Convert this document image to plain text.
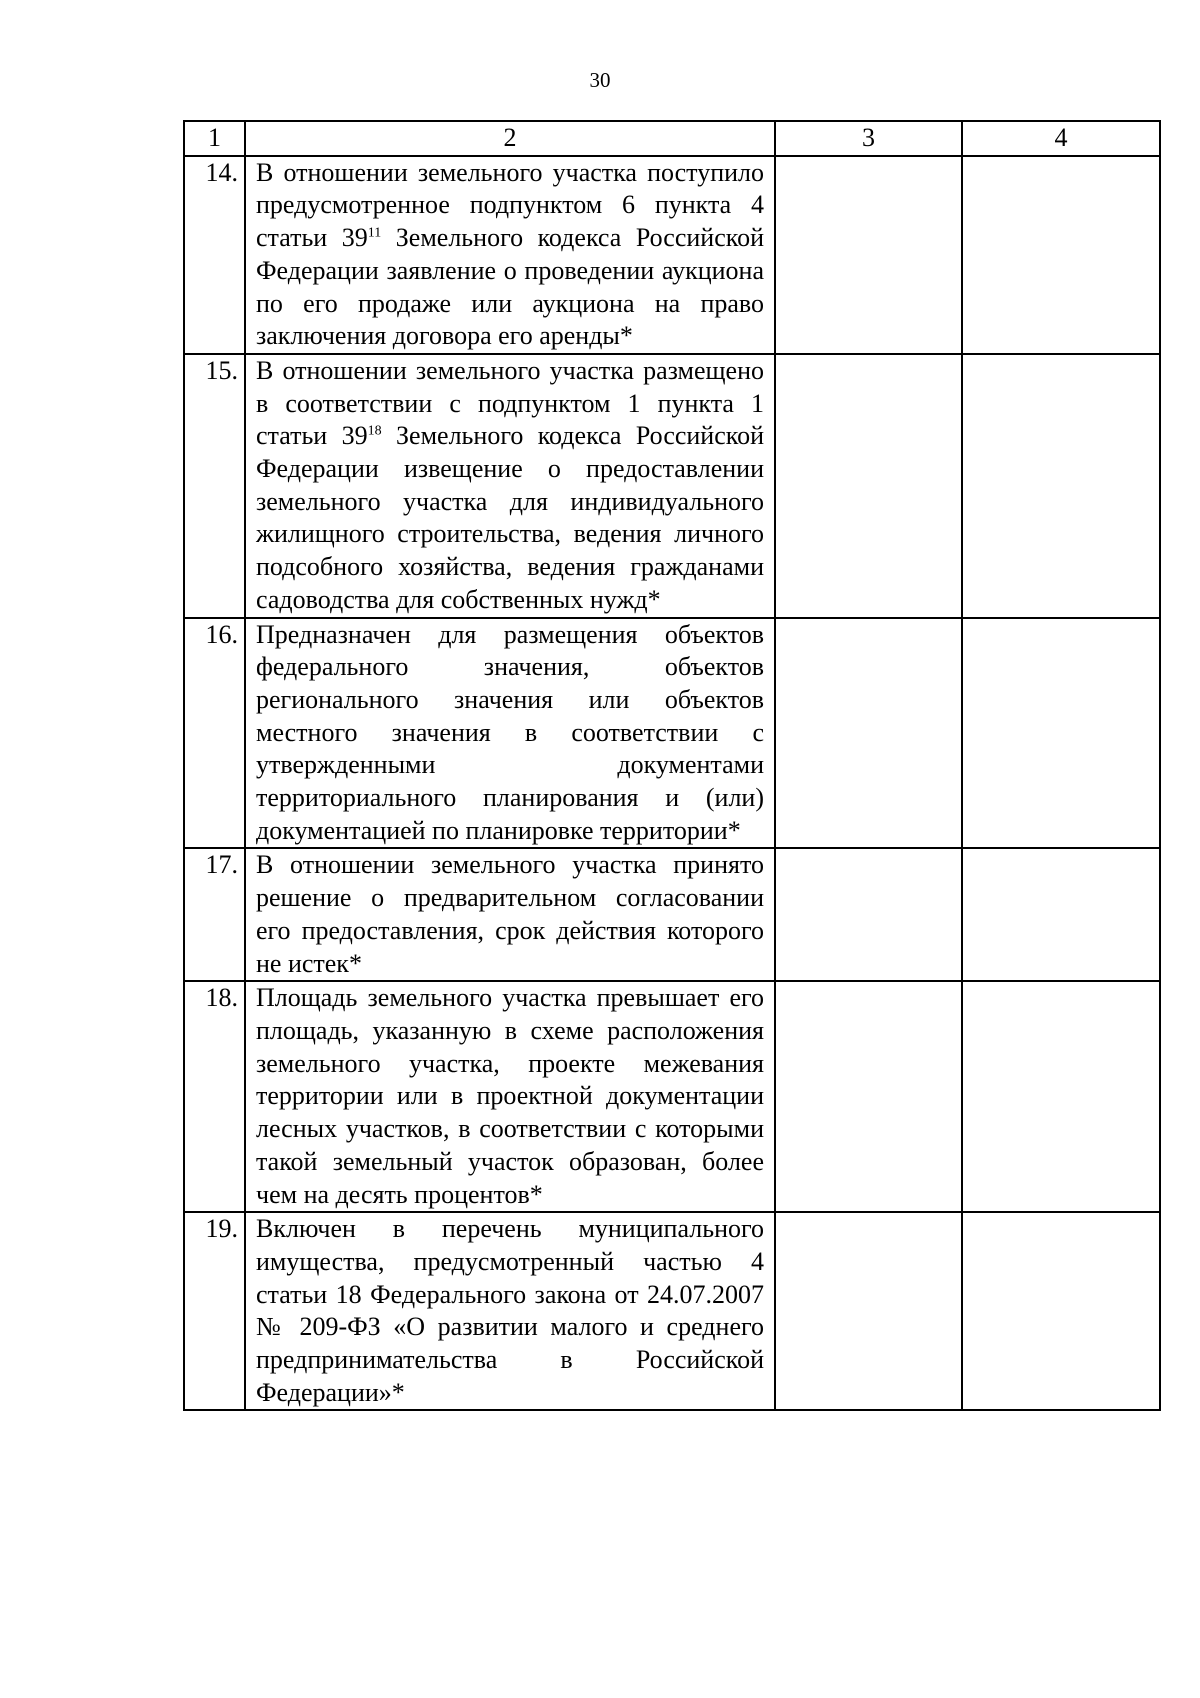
30
1	2	3	4
14.	В отношении земельного участка поступило предусмотренное подпунктом 6 пункта 4 статьи $39^{11}$ Земельного кодекса Российской Федерации заявление о проведении аукциона по его продаже или аукциона на право заключения договора его аренды*		
15.	В отношении земельного участка размещено в соответствии с подпунктом 1 пункта 1 статьи $39^{18}$ Земельного кодекса Российской Федерации извещение о предоставлении земельного участка для индивидуального жилищного строительства, ведения личного подсобного хозяйства, ведения гражданами садоводства для собственных нужд*		
16.	Предназначен для размещения объектов федерального значения, объектов регионального значения или объектов местного значения в соответствии с утвержденными документами территориального планирования и (или) документацией по планировке территории*		
17.	В отношении земельного участка принято решение о предварительном согласовании его предоставления, срок действия которого не истек*		
18.	Площадь земельного участка превышает его площадь, указанную в схеме расположения земельного участка, проекте межевания территории или в проектной документации лесных участков, в соответствии с которыми такой земельный участок образован, более чем на десять процентов*		
19.	Включен в перечень муниципального имущества, предусмотренный частью 4 статьи 18 Федерального закона от 24.07.2007 № 209-ФЗ «О развитии малого и среднего предпринимательства в Российской Федерации»*		
